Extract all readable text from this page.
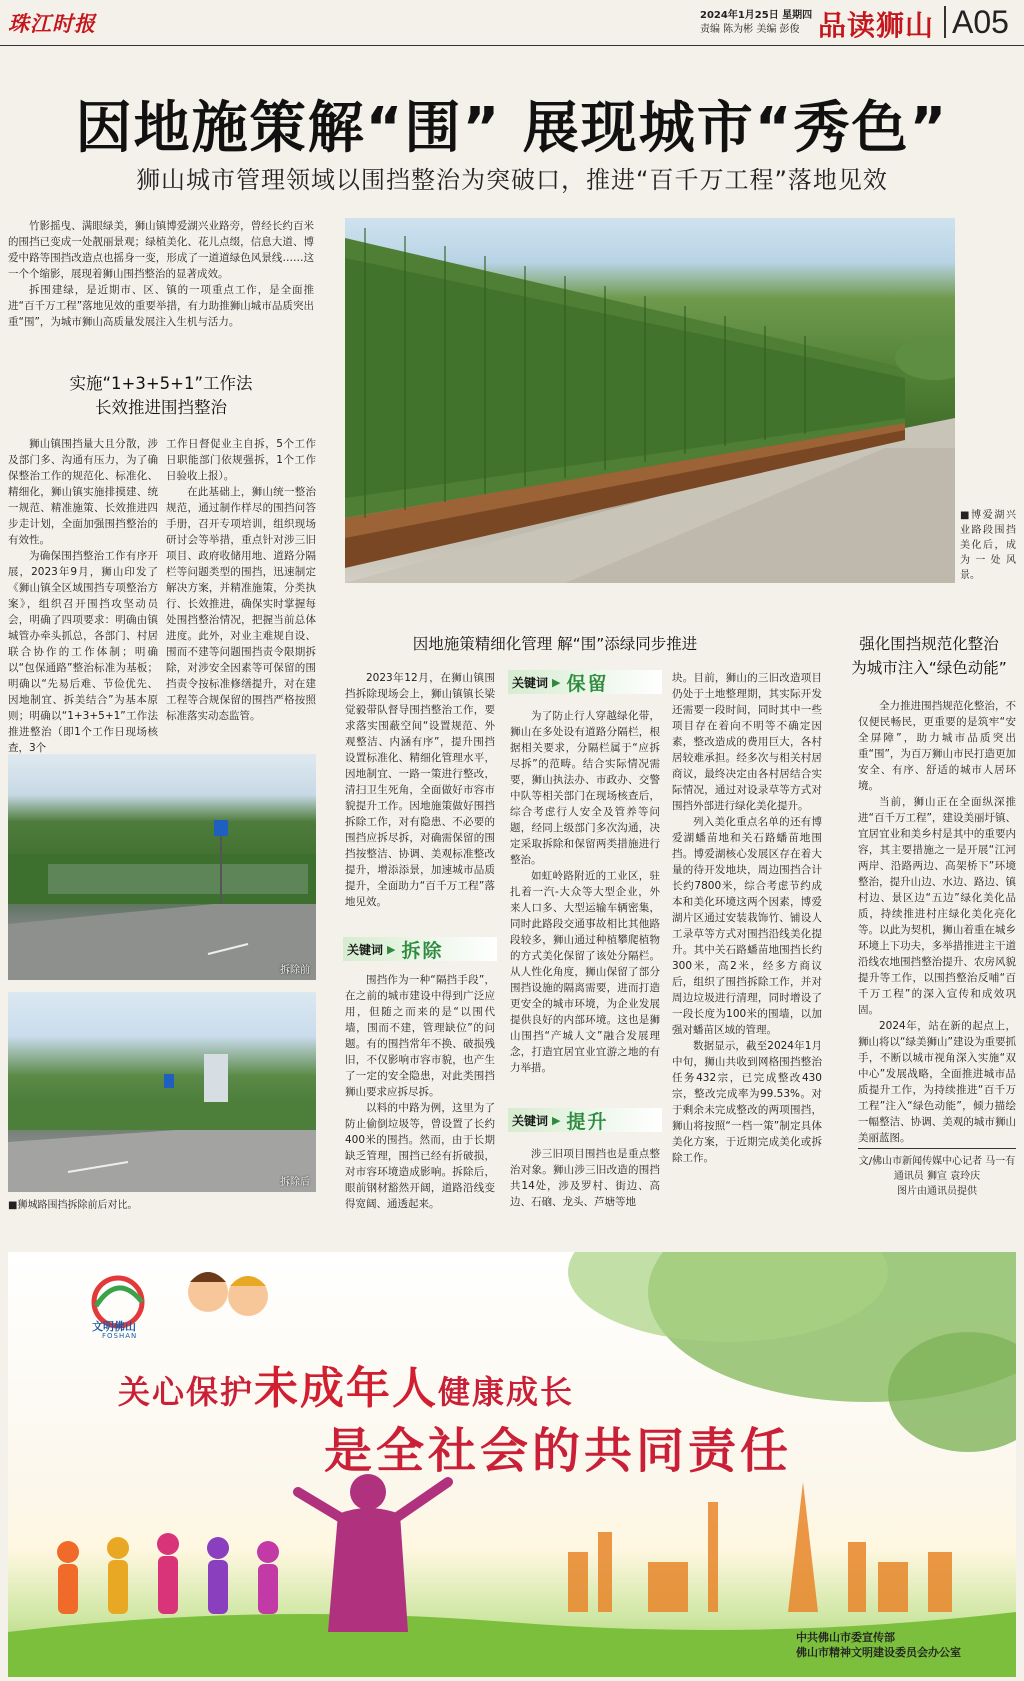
珠江时报	2024年1月25日 星期四
责编 陈为彬 美编 彭俊 品读狮山 A05
因地施策解“围” 展现城市“秀色”
狮山城市管理领域以围挡整治为突破口，推进“百千万工程”落地见效

竹影摇曳、满眼绿美，狮山镇博爱湖兴业路旁，曾经长约百米的围挡已变成一处靓丽景观；绿植美化、花儿点缀，信息大道、博爱中路等围挡改造点也摇身一变，形成了一道道绿色风景线……这一个个缩影，展现着狮山围挡整治的显著成效。

拆围建绿，是近期市、区、镇的一项重点工作，是全面推进“百千万工程”落地见效的重要举措，有力助推狮山城市品质突出重“围”，为城市狮山高质量发展注入生机与活力。

实施“1+3+5+1”工作法
长效推进围挡整治

狮山镇围挡量大且分散，涉及部门多、沟通有压力，为了确保整治工作的规范化、标准化、精细化，狮山镇实施排摸建、统一规范、精准施策、长效推进四步走计划，全面加强围挡整治的有效性。

为确保围挡整治工作有序开展，2023年9月，狮山印发了《狮山镇全区域围挡专项整治方案》，组织召开围挡攻坚动员会，明确了四项要求：明确由镇城管办牵头抓总，各部门、村居联合协作的工作体制；明确以“包保通路”整治标准为基板；明确以“先易后难、节俭优先、因地制宜、拆美结合”为基本原则；明确以“1+3+5+1”工作法推进整治（即1个工作日现场核查，3个

工作日督促业主自拆，5个工作日职能部门依规强拆，1个工作日验收上报）。

在此基础上，狮山统一整治规范，通过制作样尽的围挡问答手册，召开专项培训，组织现场研讨会等举措，重点针对涉三旧项目、政府收储用地、道路分隔栏等问题类型的围挡，迅速制定解决方案，并精准施策，分类执行、长效推进，确保实时掌握每处围挡整治情况，把握当前总体进度。此外，对业主难规自设、围而不建等问题围挡责令限期拆除，对涉安全因素等可保留的围挡责令按标准修缮提升，对在建工程等合规保留的围挡严格按照标准落实动态监管。

■博爱湖兴业路段围挡美化后，成为一处风景。
拆除前
拆除后
■狮城路围挡拆除前后对比。
因地施策精细化管理 解“围”添绿同步推进

2023年12月，在狮山镇围挡拆除现场会上，狮山镇镇长梁觉毅带队督导围挡整治工作，要求落实围蔽空间“设置规范、外观整洁、内涵有序”，提升围挡设置标准化、精细化管理水平，因地制宜、一路一策进行整改，清扫卫生死角，全面做好市容市貌提升工作。因地施策做好围挡拆除工作，对有隐患、不必要的围挡应拆尽拆，对确需保留的围挡按整洁、协调、美观标准整改提升，增添添景，加速城市品质提升，全面助力“百千万工程”落地见效。

关键词 ▶ 拆除

围挡作为一种“隔挡手段”，在之前的城市建设中得到广泛应用，但随之而来的是“以围代墙，围而不建，管理缺位”的问题。有的围挡常年不换、破损残旧，不仅影响市容市貌，也产生了一定的安全隐患，对此类围挡狮山要求应拆尽拆。

以料的中路为例，这里为了防止偷倒垃圾等，曾设置了长约400米的围挡。然而，由于长期缺乏管理，围挡已经有折破损，对市容环境造成影响。拆除后，眼前钢材豁然开阔，道路沿线变得宽阔、通透起来。

关键词 ▶ 保留

为了防止行人穿越绿化带，狮山在多处设有道路分隔栏，根据相关要求，分隔栏属于“应拆尽拆”的范畴。结合实际情况需要，狮山执法办、市政办、交警中队等相关部门在现场核查后，综合考虑行人安全及管养等问题，经同上级部门多次沟通，决定采取拆除和保留两类措施进行整治。

如虹岭路附近的工业区，驻扎着一汽-大众等大型企业，外来人口多、大型运输车辆密集，同时此路段交通事故相比其他路段较多，狮山通过种植攀爬植物的方式美化保留了该处分隔栏。从人性化角度，狮山保留了部分围挡设施的隔离需要，进而打造更安全的城市环境，为企业发展提供良好的内部环境。这也是狮山围挡“产城人文”融合发展理念，打造宜居宜业宜游之地的有力举措。

关键词 ▶ 提升

涉三旧项目围挡也是重点整治对象。狮山涉三旧改造的围挡共14处，涉及罗村、街边、高边、石硇、龙头、芦塘等地

块。目前，狮山的三旧改造项目仍处于土地整理期，其实际开发还需要一段时间，同时其中一些项目存在着向不明等不确定因素，整改造成的费用巨大，各村居较难承担。经多次与相关村居商议，最终决定由各村居结合实际情况，通过对设录草等方式对围挡外部进行绿化美化提升。

列入美化重点名单的还有博爱湖蟠苗地和关石路蟠苗地围挡。博爱湖核心发展区存在着大量的待开发地块，周边围挡合计长约7800米，综合考虑节约成本和美化环境这两个因素，博爱湖片区通过安装栽饰竹、铺设人工录草等方式对围挡沿线美化提升。其中关石路蟠苗地围挡长约300米，高2米，经多方商议后，组织了围挡拆除工作，并对周边垃圾进行清理，同时增设了一段长度为100米的围墙，以加强对蟠苗区域的管理。

数据显示，截至2024年1月中旬，狮山共收到网格围挡整治任务432宗，已完成整改430宗，整改完成率为99.53%。对于剩余未完成整改的两项围挡，狮山将按照“一档一策”制定具体美化方案，于近期完成美化或拆除工作。

强化围挡规范化整治
为城市注入“绿色动能”

全力推进围挡规范化整治，不仅便民畅民，更重要的是筑牢“安全屏障”，助力城市品质突出重“围”，为百万狮山市民打造更加安全、有序、舒适的城市人居环境。

当前，狮山正在全面纵深推进“百千万工程”，建设美丽圩镇、宜居宜业和美乡村是其中的重要内容，其主要措施之一是开展“江河两岸、沿路两边、高架桥下”环境整治，提升山边、水边、路边、镇村边、景区边“五边”绿化美化品质，持续推进村庄绿化美化亮化等。以此为契机，狮山着重在城乡环境上下功夫，多举措推进主干道沿线农地围挡整治提升、农房风貌提升等工作，以围挡整治反哺“百千万工程”的深入宣传和成效巩固。

2024年，站在新的起点上，狮山将以“绿美狮山”建设为重要抓手，不断以城市视角深入实施“双中心”发展战略，全面推进城市品质提升工作，为持续推进“百千万工程”注入“绿色动能”，倾力描绘一幅整洁、协调、美观的城市狮山美丽蓝图。

文/佛山市新闻传媒中心记者 马一有
通讯员 狮宣 袁玲庆
图片由通讯员提供
文明佛山
FOSHAN
关心保护未成年人健康成长
是全社会的共同责任
中共佛山市委宣传部
佛山市精神文明建设委员会办公室
